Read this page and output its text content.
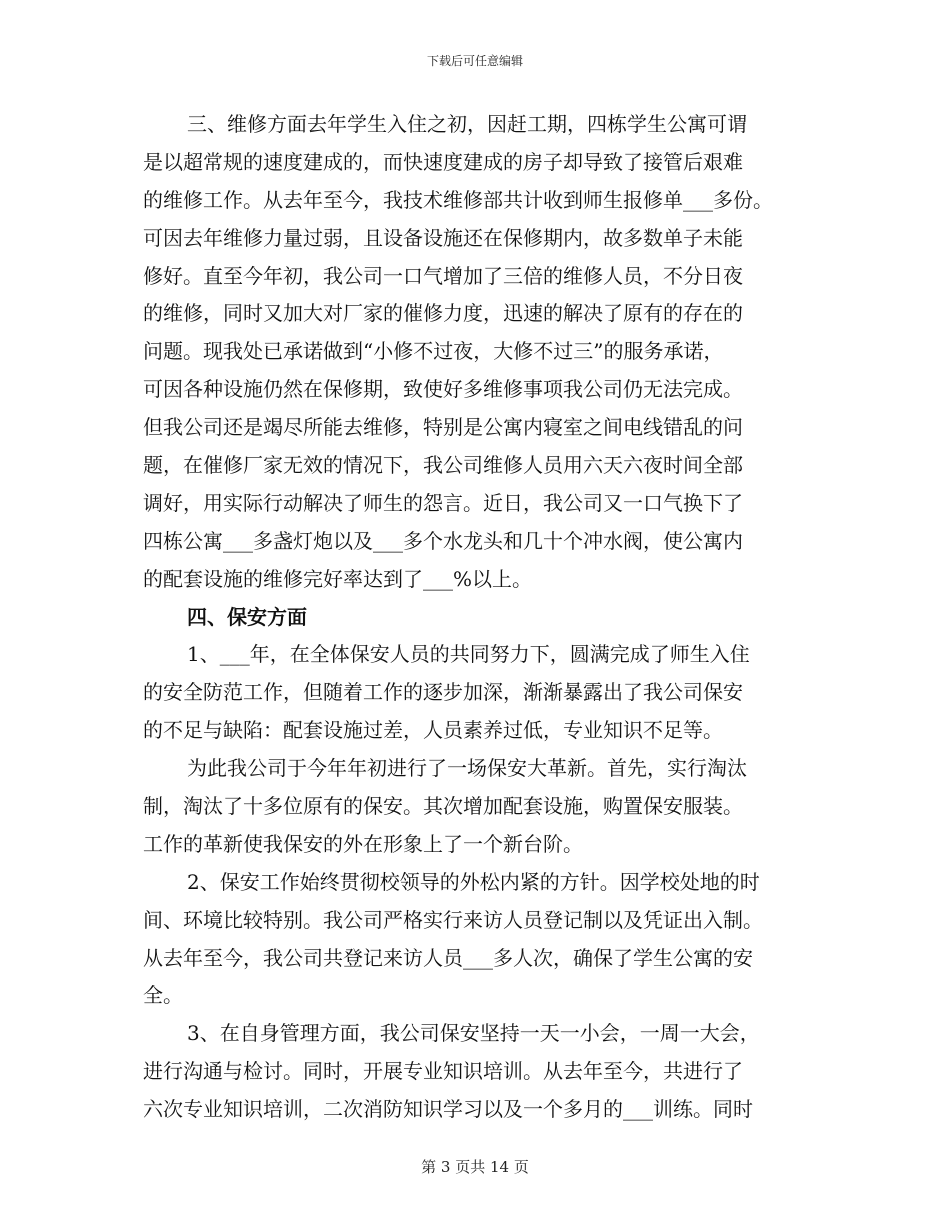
下载后可任意编辑
三、维修方面去年学生入住之初，因赶工期，四栋学生公寓可谓
是以超常规的速度建成的，而快速度建成的房子却导致了接管后艰难
的维修工作。从去年至今，我技术维修部共计收到师生报修单___多份。
可因去年维修力量过弱，且设备设施还在保修期内，故多数单子未能
修好。直至今年初，我公司一口气增加了三倍的维修人员，不分日夜
的维修，同时又加大对厂家的催修力度，迅速的解决了原有的存在的
问题。现我处已承诺做到“小修不过夜，大修不过三”的服务承诺，
可因各种设施仍然在保修期，致使好多维修事项我公司仍无法完成。
但我公司还是竭尽所能去维修，特别是公寓内寝室之间电线错乱的问
题，在催修厂家无效的情况下，我公司维修人员用六天六夜时间全部
调好，用实际行动解决了师生的怨言。近日，我公司又一口气换下了
四栋公寓___多盏灯炮以及___多个水龙头和几十个冲水阀，使公寓内
的配套设施的维修完好率达到了___%以上。
四、保安方面
1、___年，在全体保安人员的共同努力下，圆满完成了师生入住
的安全防范工作，但随着工作的逐步加深，渐渐暴露出了我公司保安
的不足与缺陷：配套设施过差，人员素养过低，专业知识不足等。
为此我公司于今年年初进行了一场保安大革新。首先，实行淘汰
制，淘汰了十多位原有的保安。其次增加配套设施，购置保安服装。
工作的革新使我保安的外在形象上了一个新台阶。
2、保安工作始终贯彻校领导的外松内紧的方针。因学校处地的时
间、环境比较特别。我公司严格实行来访人员登记制以及凭证出入制。
从去年至今，我公司共登记来访人员___多人次，确保了学生公寓的安
全。
3、在自身管理方面，我公司保安坚持一天一小会，一周一大会，
进行沟通与检讨。同时，开展专业知识培训。从去年至今，共进行了
六次专业知识培训，二次消防知识学习以及一个多月的___训练。同时
第 3 页共 14 页
